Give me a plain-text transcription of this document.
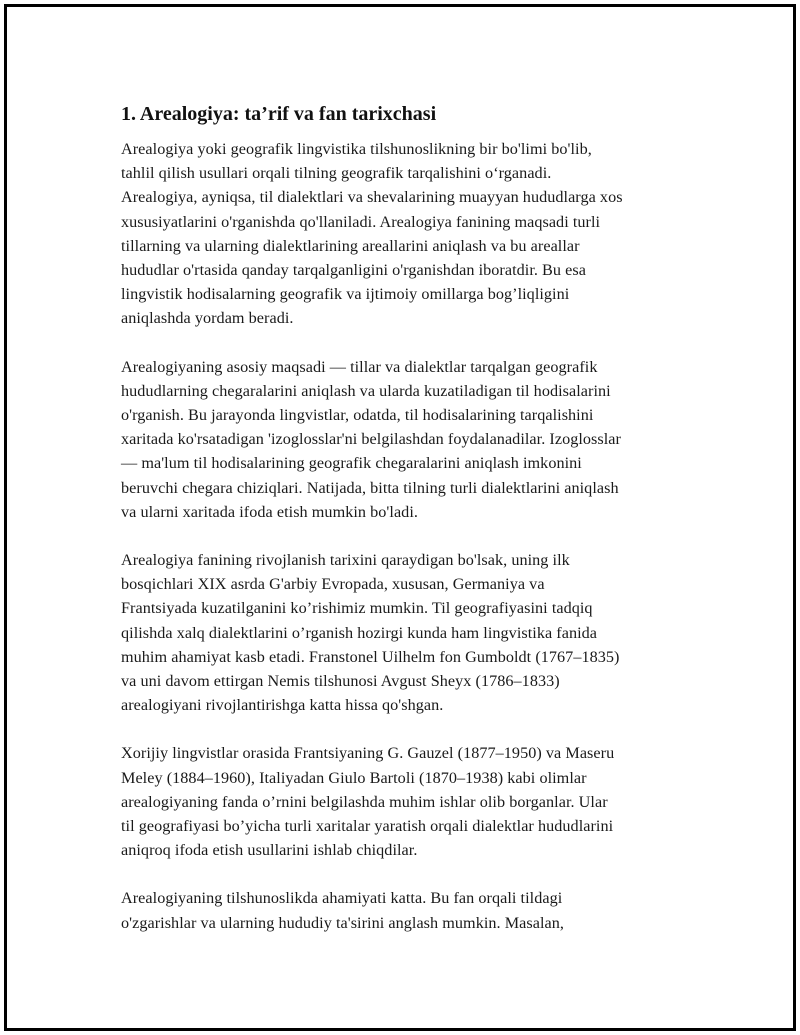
1. Arealogiya: ta’rif va fan tarixchasi
Arealogiya yoki geografik lingvistika tilshunoslikning bir bo'limi bo'lib,
tahlil qilish usullari orqali tilning geografik tarqalishini o‘rganadi.
Arealogiya, ayniqsa, til dialektlari va shevalarining muayyan hududlarga xos
xususiyatlarini o'rganishda qo'llaniladi. Arealogiya fanining maqsadi turli
tillarning va ularning dialektlarining areallarini aniqlash va bu areallar
hududlar o'rtasida qanday tarqalganligini o'rganishdan iboratdir. Bu esa
lingvistik hodisalarning geografik va ijtimoiy omillarga bog’liqligini
aniqlashda yordam beradi.
Arealogiyaning asosiy maqsadi — tillar va dialektlar tarqalgan geografik
hududlarning chegaralarini aniqlash va ularda kuzatiladigan til hodisalarini
o'rganish. Bu jarayonda lingvistlar, odatda, til hodisalarining tarqalishini
xaritada ko'rsatadigan 'izoglosslar'ni belgilashdan foydalanadilar. Izoglosslar
— ma'lum til hodisalarining geografik chegaralarini aniqlash imkonini
beruvchi chegara chiziqlari. Natijada, bitta tilning turli dialektlarini aniqlash
va ularni xaritada ifoda etish mumkin bo'ladi.
Arealogiya fanining rivojlanish tarixini qaraydigan bo'lsak, uning ilk
bosqichlari XIX asrda G'arbiy Evropada, xususan, Germaniya va
Frantsiyada kuzatilganini ko’rishimiz mumkin. Til geografiyasini tadqiq
qilishda xalq dialektlarini o’rganish hozirgi kunda ham lingvistika fanida
muhim ahamiyat kasb etadi. Franstonel Uilhelm fon Gumboldt (1767–1835)
va uni davom ettirgan Nemis tilshunosi Avgust Sheyx (1786–1833)
arealogiyani rivojlantirishga katta hissa qo'shgan.
Xorijiy lingvistlar orasida Frantsiyaning G. Gauzel (1877–1950) va Maseru
Meley (1884–1960), Italiyadan Giulo Bartoli (1870–1938) kabi olimlar
arealogiyaning fanda o’rnini belgilashda muhim ishlar olib borganlar. Ular
til geografiyasi bo’yicha turli xaritalar yaratish orqali dialektlar hududlarini
aniqroq ifoda etish usullarini ishlab chiqdilar.
Arealogiyaning tilshunoslikda ahamiyati katta. Bu fan orqali tildagi
o'zgarishlar va ularning hududiy ta'sirini anglash mumkin. Masalan,
